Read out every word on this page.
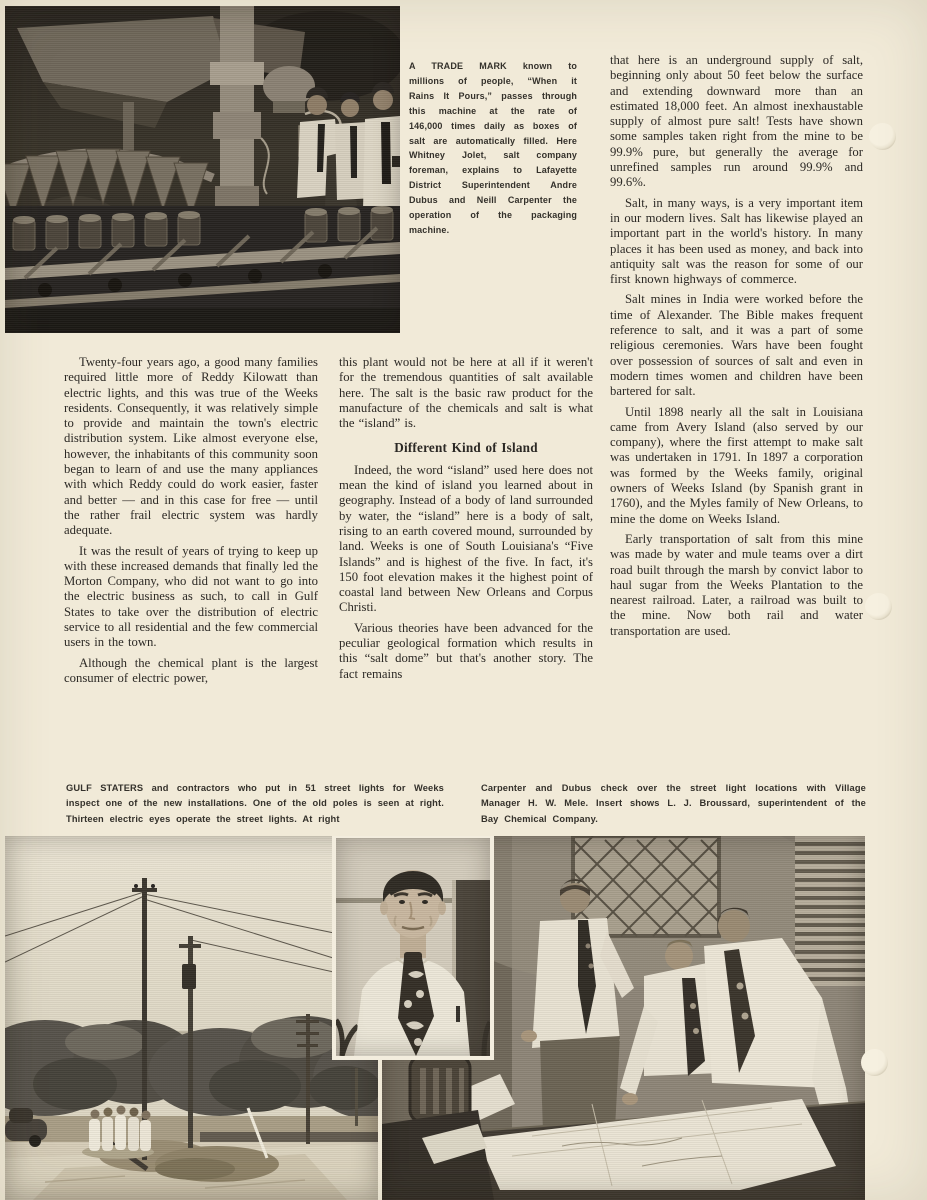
A TRADE MARK known to millions of people, “When it Rains It Pours,” passes through this machine at the rate of 146,000 times daily as boxes of salt are automatically filled. Here Whitney Jolet, salt company foreman, explains to Lafayette District Superintendent Andre Dubus and Neill Carpenter the operation of the packaging machine.

that here is an underground supply of salt, beginning only about 50 feet below the surface and extending downward more than an estimated 18,000 feet. An almost inexhaustable supply of almost pure salt! Tests have shown some samples taken right from the mine to be 99.9% pure, but generally the average for unrefined samples run around 99.9% and 99.6%.

Salt, in many ways, is a very important item in our modern lives. Salt has likewise played an important part in the world's history. In many places it has been used as money, and back into antiquity salt was the reason for some of our first known highways of commerce.

Salt mines in India were worked before the time of Alexander. The Bible makes frequent reference to salt, and it was a part of some religious ceremonies. Wars have been fought over possession of sources of salt and even in modern times women and children have been bartered for salt.

Until 1898 nearly all the salt in Louisiana came from Avery Island (also served by our company), where the first attempt to make salt was undertaken in 1791. In 1897 a corporation was formed by the Weeks family, original owners of Weeks Island (by Spanish grant in 1760), and the Myles family of New Orleans, to mine the dome on Weeks Island.

Early transportation of salt from this mine was made by water and mule teams over a dirt road built through the marsh by convict labor to haul sugar from the Weeks Plantation to the nearest railroad. Later, a railroad was built to the mine. Now both rail and water transportation are used.

Twenty-four years ago, a good many families required little more of Reddy Kilowatt than electric lights, and this was true of the Weeks residents. Consequently, it was relatively simple to provide and maintain the town's electric distribution system. Like almost everyone else, however, the inhabitants of this community soon began to learn of and use the many appliances with which Reddy could do work easier, faster and better — and in this case for free — until the rather frail electric system was hardly adequate.

It was the result of years of trying to keep up with these increased demands that finally led the Morton Company, who did not want to go into the electric business as such, to call in Gulf States to take over the distribution of electric service to all residential and the few commercial users in the town.

Although the chemical plant is the largest consumer of electric power,

this plant would not be here at all if it weren't for the tremendous quantities of salt available here. The salt is the basic raw product for the manufacture of the chemicals and salt is what the “island” is.

Different Kind of Island

Indeed, the word “island” used here does not mean the kind of island you learned about in geography. Instead of a body of land surrounded by water, the “island” here is a body of salt, rising to an earth covered mound, surrounded by land. Weeks is one of South Louisiana's “Five Islands” and is highest of the five. In fact, it's 150 foot elevation makes it the highest point of coastal land between New Orleans and Corpus Christi.

Various theories have been advanced for the peculiar geological formation which results in this “salt dome” but that's another story. The fact remains

GULF STATERS and contractors who put in 51 street lights for Weeks inspect one of the new installations. One of the old poles is seen at right. Thirteen electric eyes operate the street lights. At right
Carpenter and Dubus check over the street light locations with Village Manager H. W. Mele. Insert shows L. J. Broussard, superintendent of the Bay Chemical Company.
